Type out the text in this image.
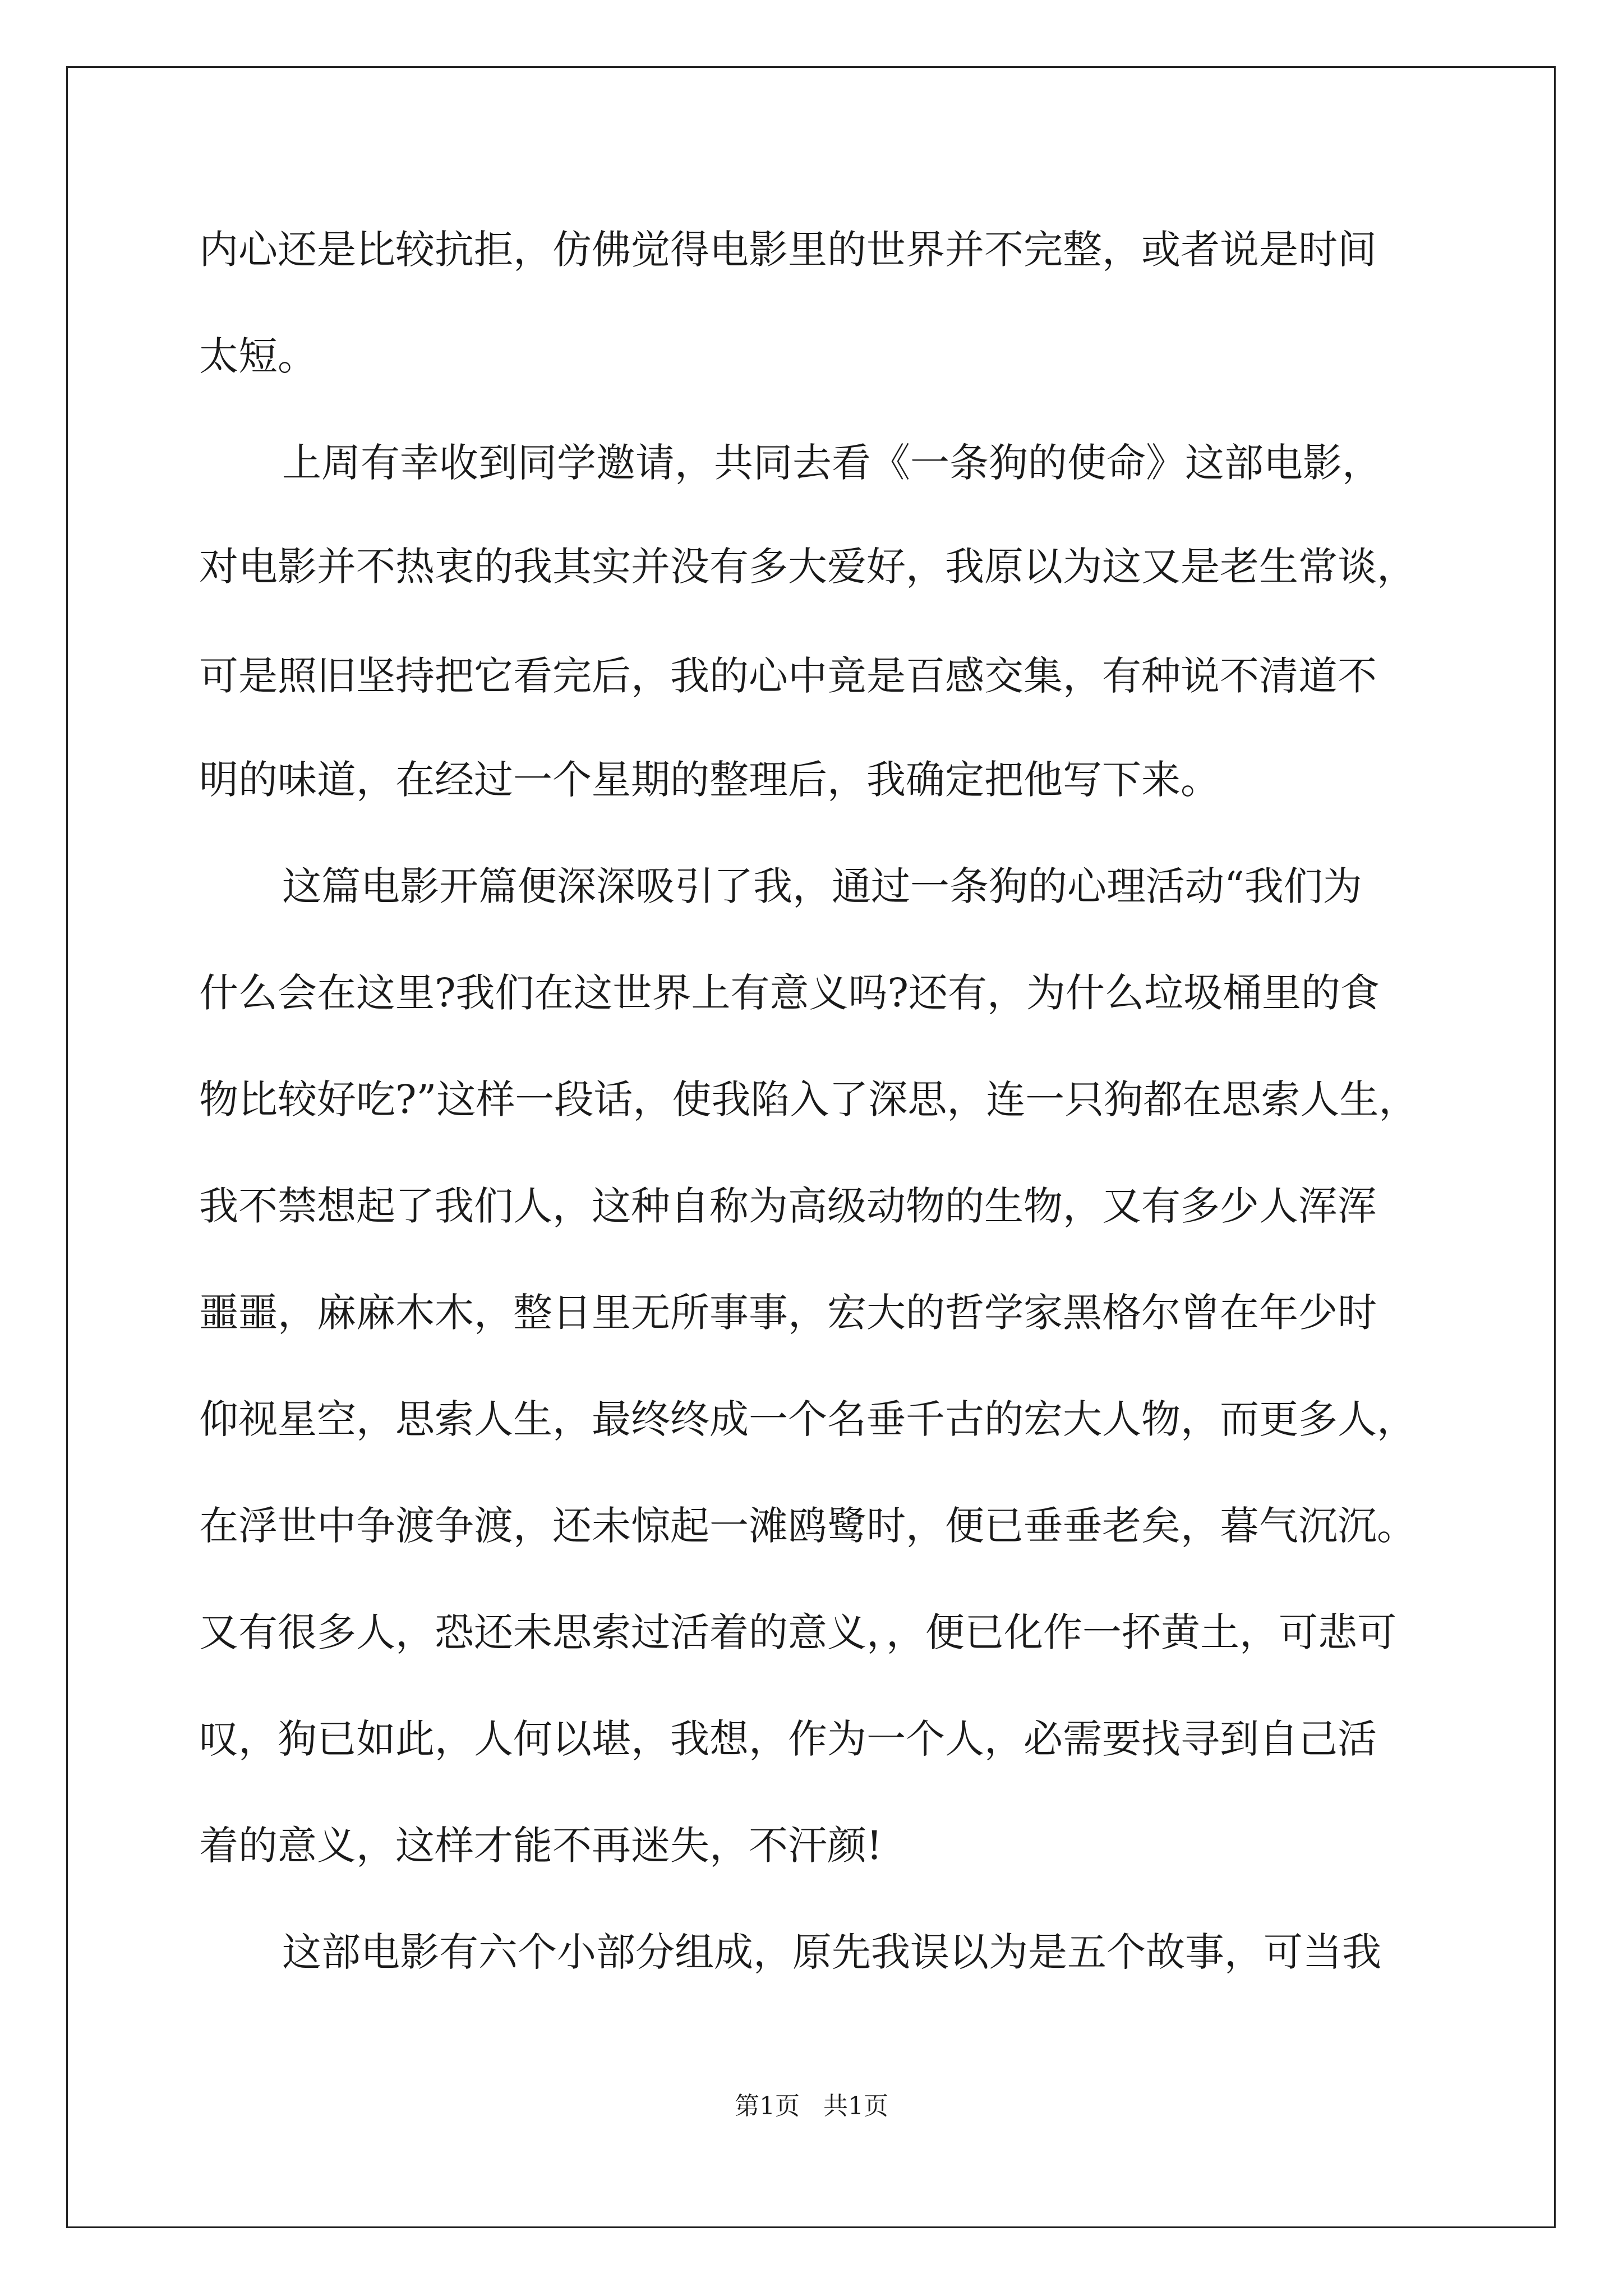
内心还是比较抗拒，仿佛觉得电影里的世界并不完整，或者说是时间
太短。
上周有幸收到同学邀请，共同去看《一条狗的使命》这部电影，
对电影并不热衷的我其实并没有多大爱好，我原以为这又是老生常谈，
可是照旧坚持把它看完后，我的心中竟是百感交集，有种说不清道不
明的味道，在经过一个星期的整理后，我确定把他写下来。
这篇电影开篇便深深吸引了我，通过一条狗的心理活动“我们为
什么会在这里?我们在这世界上有意义吗?还有，为什么垃圾桶里的食
物比较好吃?”这样一段话，使我陷入了深思，连一只狗都在思索人生，
我不禁想起了我们人，这种自称为高级动物的生物，又有多少人浑浑
噩噩，麻麻木木，整日里无所事事，宏大的哲学家黑格尔曾在年少时
仰视星空，思索人生，最终终成一个名垂千古的宏大人物，而更多人，
在浮世中争渡争渡，还未惊起一滩鸥鹭时，便已垂垂老矣，暮气沉沉。
又有很多人，恐还未思索过活着的意义，，便已化作一抔黄土，可悲可
叹，狗已如此，人何以堪，我想，作为一个人，必需要找寻到自己活
着的意义，这样才能不再迷失，不汗颜!
这部电影有六个小部分组成，原先我误以为是五个故事，可当我
第1页   共1页
